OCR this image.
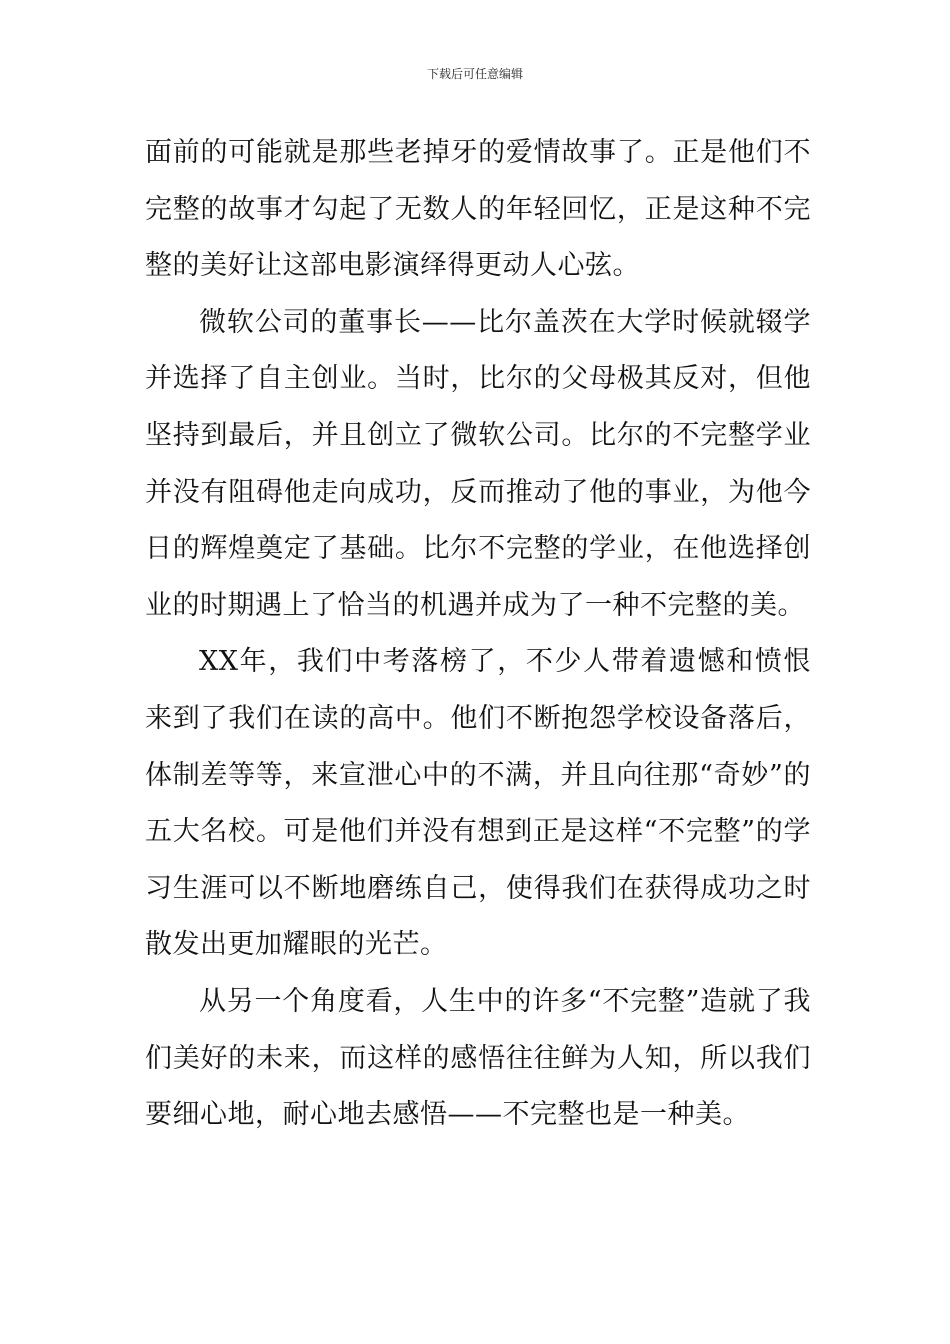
下载后可任意编辑

面前的可能就是那些老掉牙的爱情故事了。正是他们不完整的故事才勾起了无数人的年轻回忆，正是这种不完整的美好让这部电影演绎得更动人心弦。

微软公司的董事长——比尔盖茨在大学时候就辍学并选择了自主创业。当时，比尔的父母极其反对，但他坚持到最后，并且创立了微软公司。比尔的不完整学业并没有阻碍他走向成功，反而推动了他的事业，为他今日的辉煌奠定了基础。比尔不完整的学业，在他选择创业的时期遇上了恰当的机遇并成为了一种不完整的美。

XX年，我们中考落榜了，不少人带着遗憾和愤恨来到了我们在读的高中。他们不断抱怨学校设备落后，体制差等等，来宣泄心中的不满，并且向往那“奇妙”的五大名校。可是他们并没有想到正是这样“不完整”的学习生涯可以不断地磨练自己，使得我们在获得成功之时散发出更加耀眼的光芒。

从另一个角度看，人生中的许多“不完整”造就了我们美好的未来，而这样的感悟往往鲜为人知，所以我们要细心地，耐心地去感悟——不完整也是一种美。
